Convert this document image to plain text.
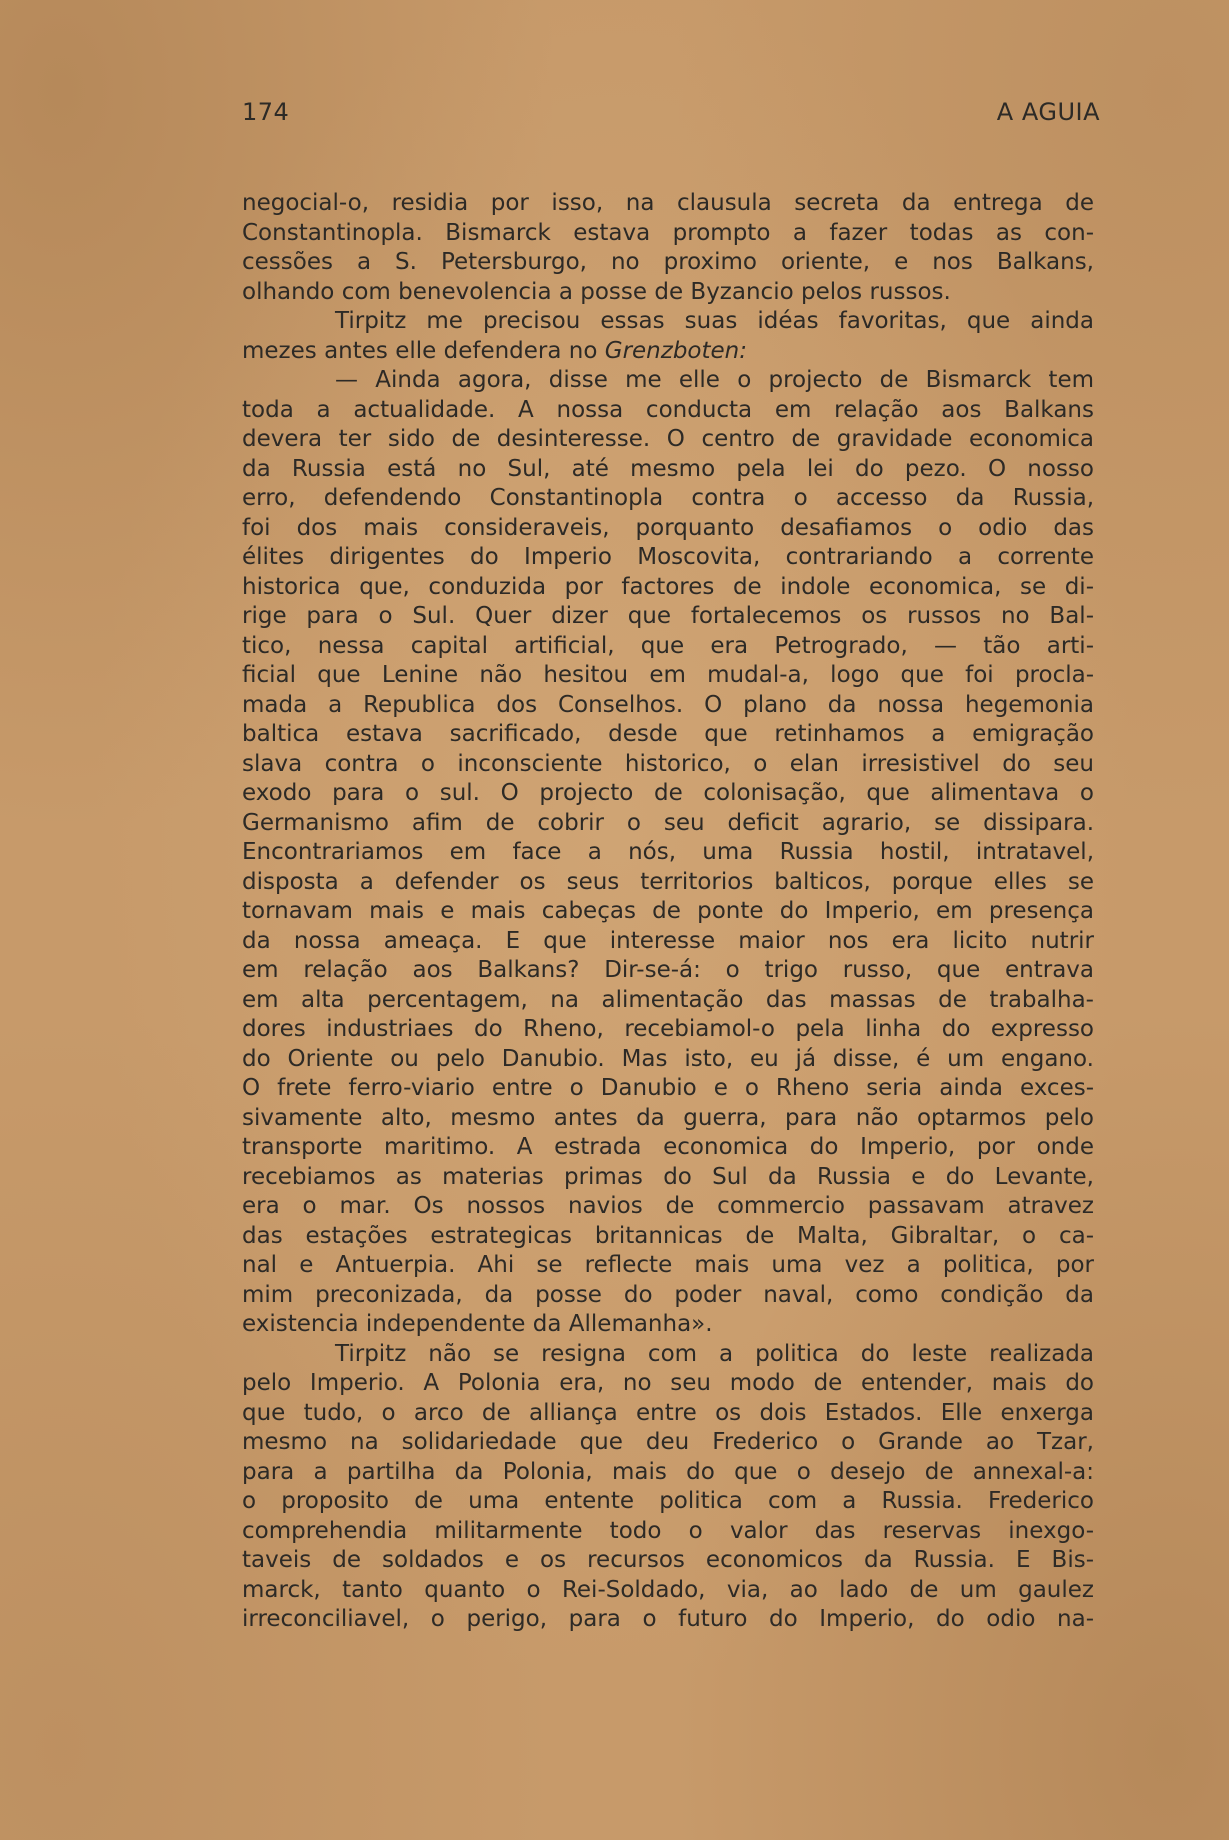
174	A AGUIA
negocial-o, residia por isso, na clausula secreta da entrega de
Constantinopla. Bismarck estava prompto a fazer todas as con-
cessões a S. Petersburgo, no proximo oriente, e nos Balkans,
olhando com benevolencia a posse de Byzancio pelos russos.
Tirpitz me precisou essas suas idéas favoritas, que ainda
mezes antes elle defendera no Grenzboten:
— Ainda agora, disse me elle o projecto de Bismarck tem
toda a actualidade. A nossa conducta em relação aos Balkans
devera ter sido de desinteresse. O centro de gravidade economica
da Russia está no Sul, até mesmo pela lei do pezo. O nosso
erro, defendendo Constantinopla contra o accesso da Russia,
foi dos mais consideraveis, porquanto desafiamos o odio das
élites dirigentes do Imperio Moscovita, contrariando a corrente
historica que, conduzida por factores de indole economica, se di-
rige para o Sul. Quer dizer que fortalecemos os russos no Bal-
tico, nessa capital artificial, que era Petrogrado, — tão arti-
ficial que Lenine não hesitou em mudal-a, logo que foi procla-
mada a Republica dos Conselhos. O plano da nossa hegemonia
baltica estava sacrificado, desde que retinhamos a emigração
slava contra o inconsciente historico, o elan irresistivel do seu
exodo para o sul. O projecto de colonisação, que alimentava o
Germanismo afim de cobrir o seu deficit agrario, se dissipara.
Encontrariamos em face a nós, uma Russia hostil, intratavel,
disposta a defender os seus territorios balticos, porque elles se
tornavam mais e mais cabeças de ponte do Imperio, em presença
da nossa ameaça. E que interesse maior nos era licito nutrir
em relação aos Balkans? Dir-se-á: o trigo russo, que entrava
em alta percentagem, na alimentação das massas de trabalha-
dores industriaes do Rheno, recebiamol-o pela linha do expresso
do Oriente ou pelo Danubio. Mas isto, eu já disse, é um engano.
O frete ferro-viario entre o Danubio e o Rheno seria ainda exces-
sivamente alto, mesmo antes da guerra, para não optarmos pelo
transporte maritimo. A estrada economica do Imperio, por onde
recebiamos as materias primas do Sul da Russia e do Levante,
era o mar. Os nossos navios de commercio passavam atravez
das estações estrategicas britannicas de Malta, Gibraltar, o ca-
nal e Antuerpia. Ahi se reflecte mais uma vez a politica, por
mim preconizada, da posse do poder naval, como condição da
existencia independente da Allemanha».
Tirpitz não se resigna com a politica do leste realizada
pelo Imperio. A Polonia era, no seu modo de entender, mais do
que tudo, o arco de alliança entre os dois Estados. Elle enxerga
mesmo na solidariedade que deu Frederico o Grande ao Tzar,
para a partilha da Polonia, mais do que o desejo de annexal-a:
o proposito de uma entente politica com a Russia. Frederico
comprehendia militarmente todo o valor das reservas inexgo-
taveis de soldados e os recursos economicos da Russia. E Bis-
marck, tanto quanto o Rei-Soldado, via, ao lado de um gaulez
irreconciliavel, o perigo, para o futuro do Imperio, do odio na-
